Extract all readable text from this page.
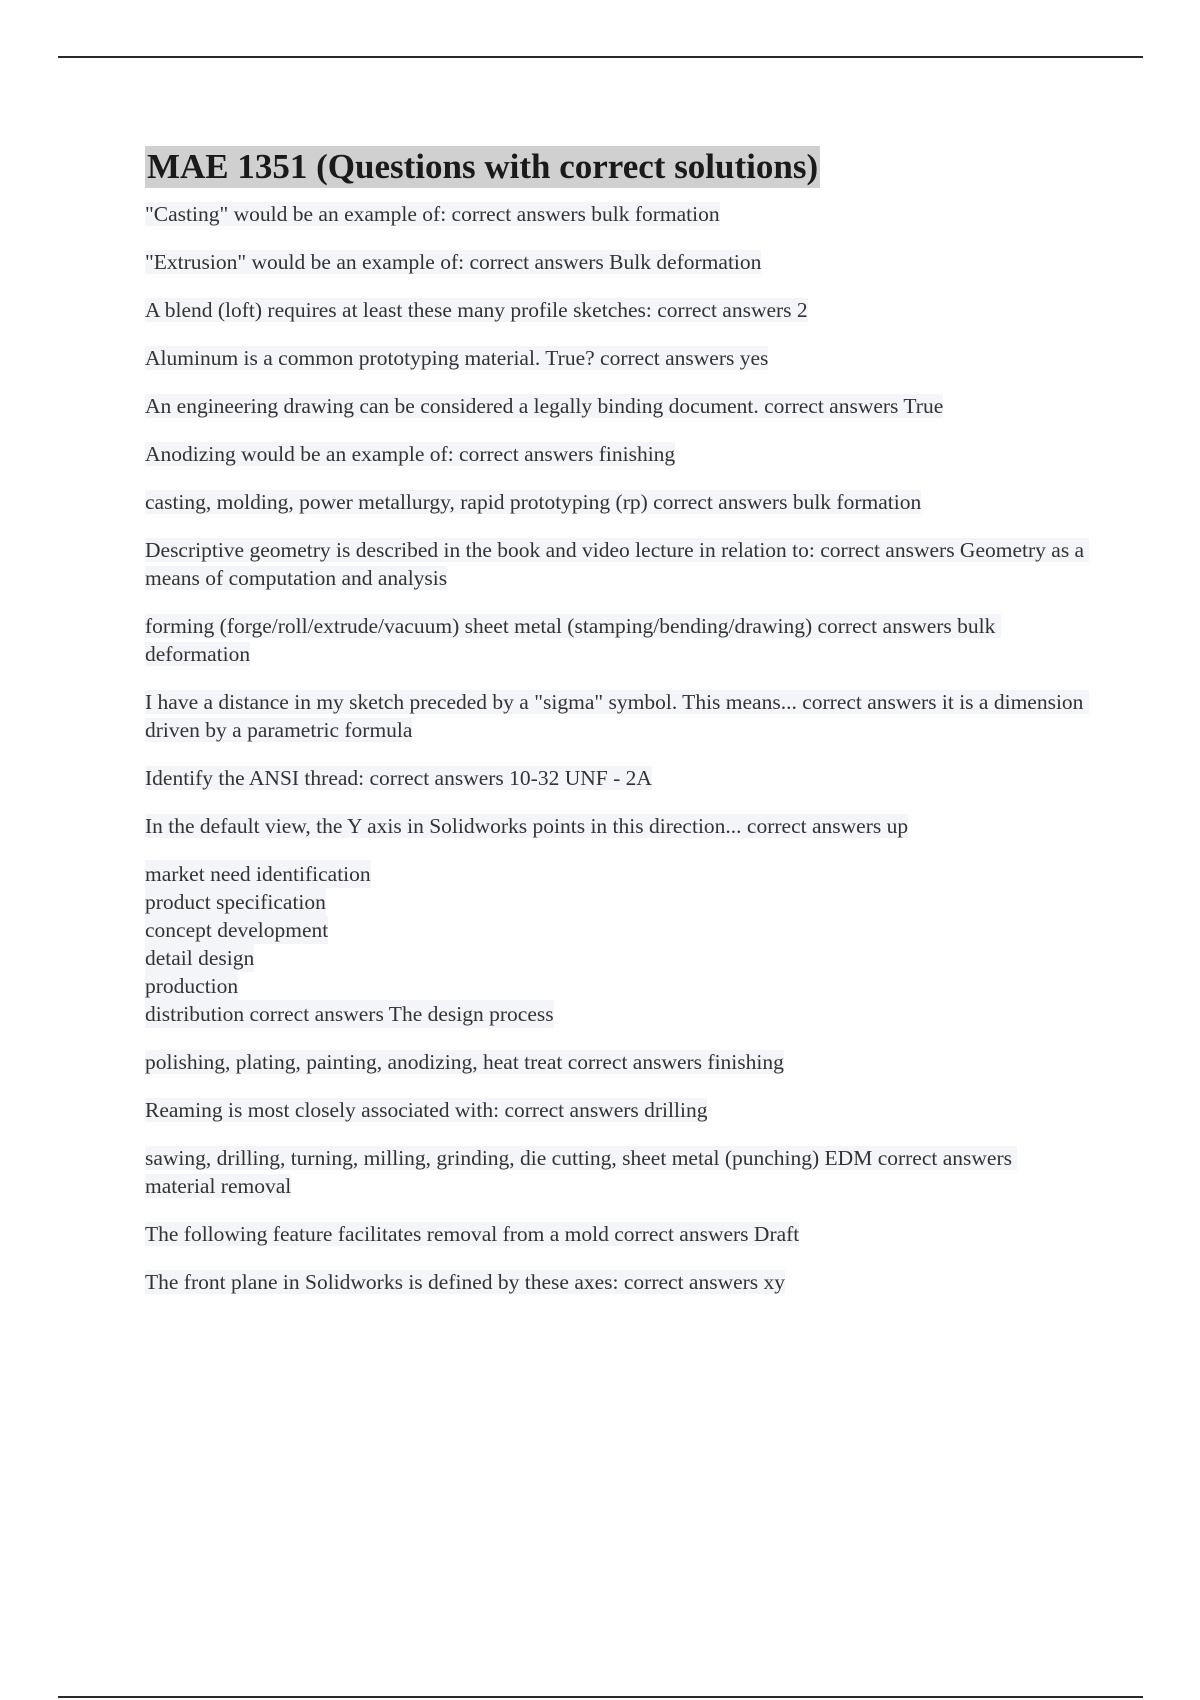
MAE 1351 (Questions with correct solutions)
"Casting" would be an example of: correct answers bulk formation
"Extrusion" would be an example of: correct answers Bulk deformation
A blend (loft) requires at least these many profile sketches: correct answers 2
Aluminum is a common prototyping material. True? correct answers yes
An engineering drawing can be considered a legally binding document. correct answers True
Anodizing would be an example of: correct answers finishing
casting, molding, power metallurgy, rapid prototyping (rp) correct answers bulk formation
Descriptive geometry is described in the book and video lecture in relation to: correct answers Geometry as a means of computation and analysis
forming (forge/roll/extrude/vacuum) sheet metal (stamping/bending/drawing) correct answers bulk deformation
I have a distance in my sketch preceded by a "sigma" symbol. This means... correct answers it is a dimension driven by a parametric formula
Identify the ANSI thread: correct answers 10-32 UNF - 2A
In the default view, the Y axis in Solidworks points in this direction... correct answers up
market need identification
product specification
concept development
detail design
production
distribution correct answers The design process
polishing, plating, painting, anodizing, heat treat correct answers finishing
Reaming is most closely associated with: correct answers drilling
sawing, drilling, turning, milling, grinding, die cutting, sheet metal (punching) EDM correct answers material removal
The following feature facilitates removal from a mold correct answers Draft
The front plane in Solidworks is defined by these axes: correct answers xy
